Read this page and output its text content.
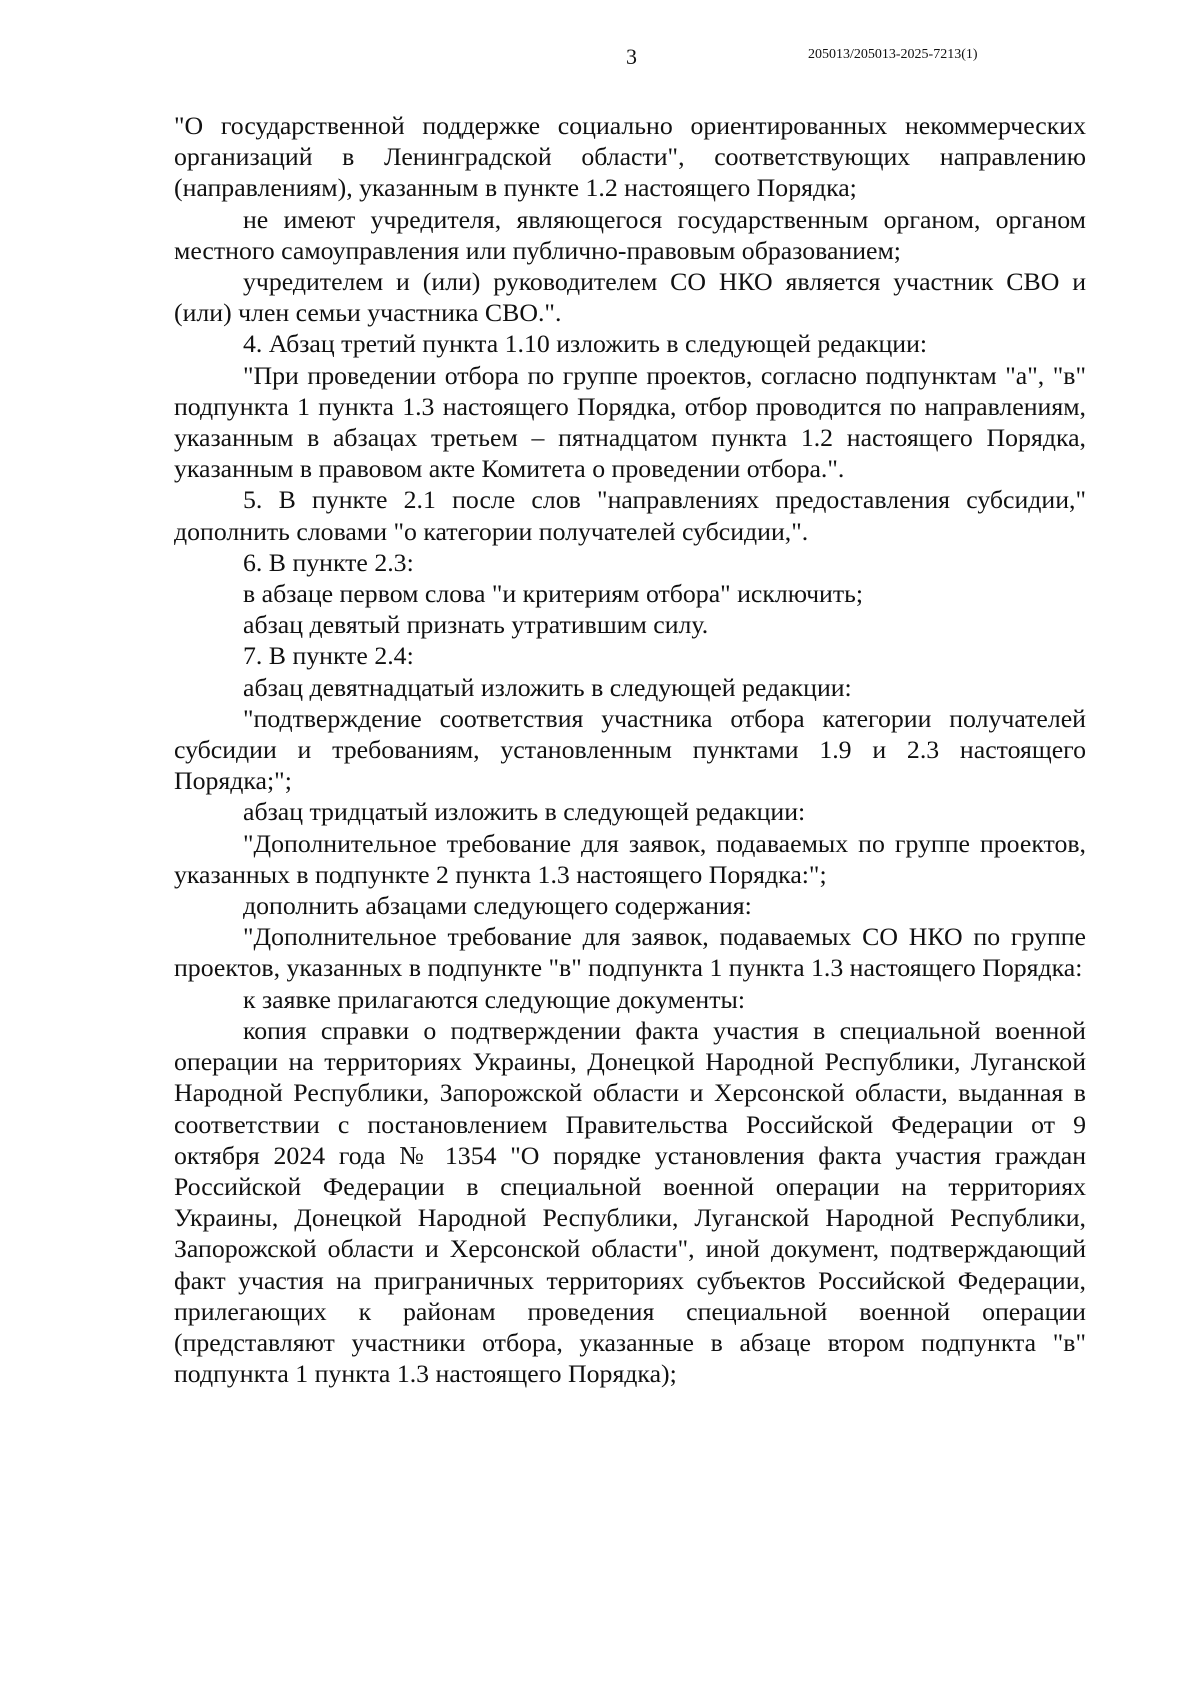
3	205013/205013-2025-7213(1)

"О государственной поддержке социально ориентированных некоммерческих организаций в Ленинградской области", соответствующих направлению (направлениям), указанным в пункте 1.2 настоящего Порядка;

не имеют учредителя, являющегося государственным органом, органом местного самоуправления или публично-правовым образованием;

учредителем и (или) руководителем СО НКО является участник СВО и (или) член семьи участника СВО.".

4. Абзац третий пункта 1.10 изложить в следующей редакции:

"При проведении отбора по группе проектов, согласно подпунктам "а", "в" подпункта 1 пункта 1.3 настоящего Порядка, отбор проводится по направлениям, указанным в абзацах третьем – пятнадцатом пункта 1.2 настоящего Порядка, указанным в правовом акте Комитета о проведении отбора.".

5. В пункте 2.1 после слов "направлениях предоставления субсидии," дополнить словами "о категории получателей субсидии,".

6. В пункте 2.3:

в абзаце первом слова "и критериям отбора" исключить;

абзац девятый признать утратившим силу.

7. В пункте 2.4:

абзац девятнадцатый изложить в следующей редакции:

"подтверждение соответствия участника отбора категории получателей субсидии и требованиям, установленным пунктами 1.9 и 2.3 настоящего Порядка;";

абзац тридцатый изложить в следующей редакции:

"Дополнительное требование для заявок, подаваемых по группе проектов, указанных в подпункте 2 пункта 1.3 настоящего Порядка:";

дополнить абзацами следующего содержания:

"Дополнительное требование для заявок, подаваемых СО НКО по группе проектов, указанных в подпункте "в" подпункта 1 пункта 1.3 настоящего Порядка:

к заявке прилагаются следующие документы:

копия справки о подтверждении факта участия в специальной военной операции на территориях Украины, Донецкой Народной Республики, Луганской Народной Республики, Запорожской области и Херсонской области, выданная в соответствии с постановлением Правительства Российской Федерации от 9 октября 2024 года № 1354 "О порядке установления факта участия граждан Российской Федерации в специальной военной операции на территориях Украины, Донецкой Народной Республики, Луганской Народной Республики, Запорожской области и Херсонской области", иной документ, подтверждающий факт участия на приграничных территориях субъектов Российской Федерации, прилегающих к районам проведения специальной военной операции (представляют участники отбора, указанные в абзаце втором подпункта "в" подпункта 1 пункта 1.3 настоящего Порядка);
